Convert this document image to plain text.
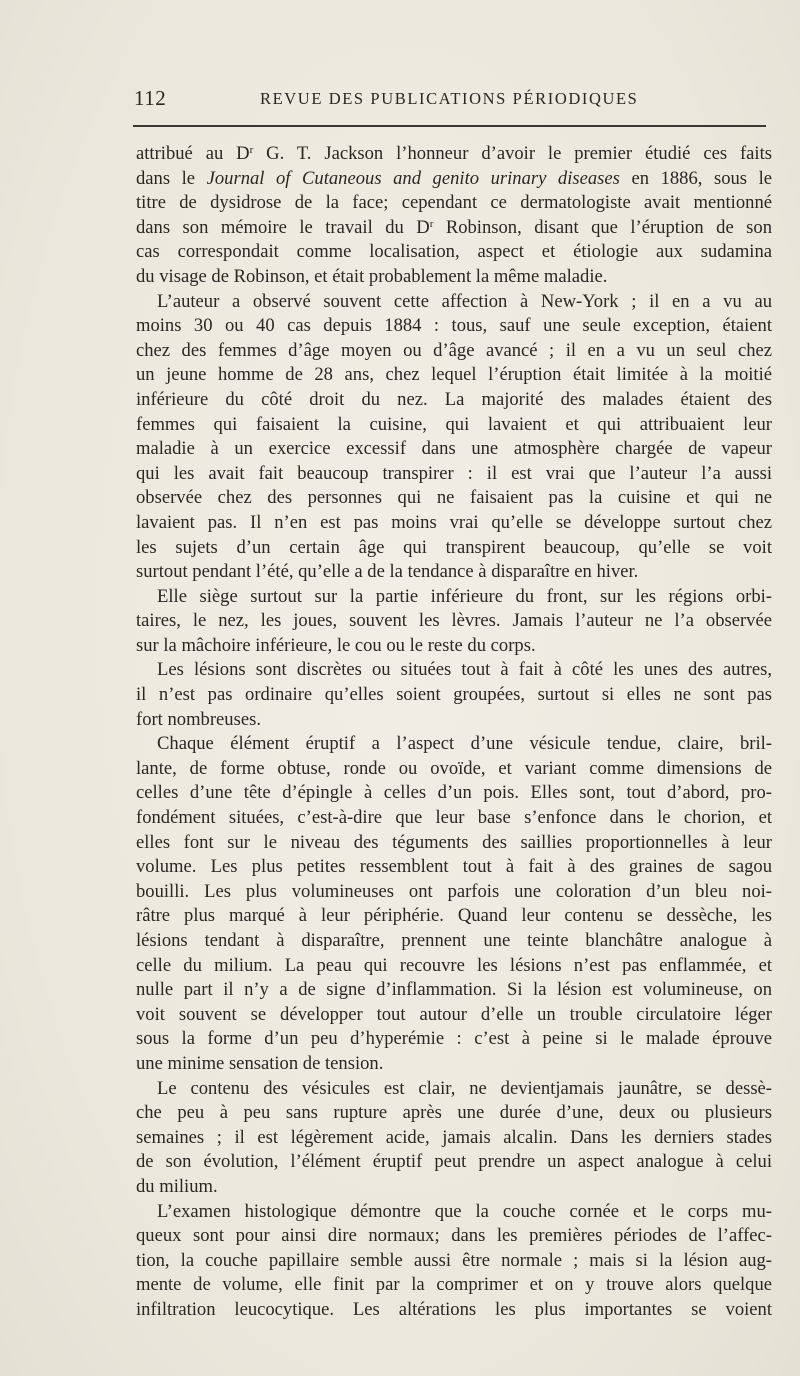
112	REVUE DES PUBLICATIONS PÉRIODIQUES
attribué au $D^r$ G. T. Jackson l’honneur d’avoir le premier étudié ces faits
dans le Journal of Cutaneous and genito urinary diseases en 1886, sous le
titre de dysidrose de la face; cependant ce dermatologiste avait mentionné
dans son mémoire le travail du $D^r$ Robinson, disant que l’éruption de son
cas correspondait comme localisation, aspect et étiologie aux sudamina
du visage de Robinson, et était probablement la même maladie.
L’auteur a observé souvent cette affection à New-York ; il en a vu au
moins 30 ou 40 cas depuis 1884 : tous, sauf une seule exception, étaient
chez des femmes d’âge moyen ou d’âge avancé ; il en a vu un seul chez
un jeune homme de 28 ans, chez lequel l’éruption était limitée à la moitié
inférieure du côté droit du nez. La majorité des malades étaient des
femmes qui faisaient la cuisine, qui lavaient et qui attribuaient leur
maladie à un exercice excessif dans une atmosphère chargée de vapeur
qui les avait fait beaucoup transpirer : il est vrai que l’auteur l’a aussi
observée chez des personnes qui ne faisaient pas la cuisine et qui ne
lavaient pas. Il n’en est pas moins vrai qu’elle se développe surtout chez
les sujets d’un certain âge qui transpirent beaucoup, qu’elle se voit
surtout pendant l’été, qu’elle a de la tendance à disparaître en hiver.
Elle siège surtout sur la partie inférieure du front, sur les régions orbi-
taires, le nez, les joues, souvent les lèvres. Jamais l’auteur ne l’a observée
sur la mâchoire inférieure, le cou ou le reste du corps.
Les lésions sont discrètes ou situées tout à fait à côté les unes des autres,
il n’est pas ordinaire qu’elles soient groupées, surtout si elles ne sont pas
fort nombreuses.
Chaque élément éruptif a l’aspect d’une vésicule tendue, claire, bril-
lante, de forme obtuse, ronde ou ovoïde, et variant comme dimensions de
celles d’une tête d’épingle à celles d’un pois. Elles sont, tout d’abord, pro-
fondément situées, c’est-à-dire que leur base s’enfonce dans le chorion, et
elles font sur le niveau des téguments des saillies proportionnelles à leur
volume. Les plus petites ressemblent tout à fait à des graines de sagou
bouilli. Les plus volumineuses ont parfois une coloration d’un bleu noi-
râtre plus marqué à leur périphérie. Quand leur contenu se dessèche, les
lésions tendant à disparaître, prennent une teinte blanchâtre analogue à
celle du milium. La peau qui recouvre les lésions n’est pas enflammée, et
nulle part il n’y a de signe d’inflammation. Si la lésion est volumineuse, on
voit souvent se développer tout autour d’elle un trouble circulatoire léger
sous la forme d’un peu d’hyperémie : c’est à peine si le malade éprouve
une minime sensation de tension.
Le contenu des vésicules est clair, ne devientjamais jaunâtre, se dessè-
che peu à peu sans rupture après une durée d’une, deux ou plusieurs
semaines ; il est légèrement acide, jamais alcalin. Dans les derniers stades
de son évolution, l’élément éruptif peut prendre un aspect analogue à celui
du milium.
L’examen histologique démontre que la couche cornée et le corps mu-
queux sont pour ainsi dire normaux; dans les premières périodes de l’affec-
tion, la couche papillaire semble aussi être normale ; mais si la lésion aug-
mente de volume, elle finit par la comprimer et on y trouve alors quelque
infiltration leucocytique. Les altérations les plus importantes se voient
